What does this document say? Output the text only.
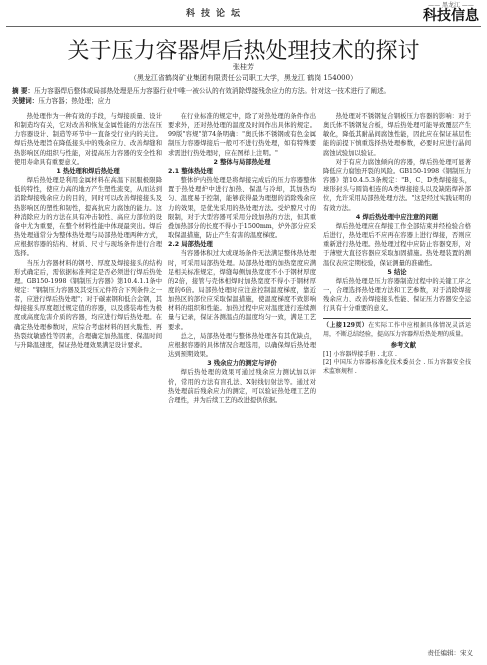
科技论坛
—— 黑龙江 ——
科技信息
关于压力容器焊后热处理技术的探讨
张桂芳
（黑龙江省鹤岗矿业集团有限责任公司职工大学，黑龙江 鹤岗 154000）
摘 要：压力容器焊后整体或局部热处理是压力容器行业中唯一被公认的有效消除焊接残余应力的方法。针对这一技术进行了阐述。
关键词：压力容器；热处理；应力

热处理作为一种有效的手段，与焊接质量、设计和制造均有关，它对改善和恢复金属性能的方法在压力容器设计、制造等环节中一直备受行业内的关注。焊后热处理旨在降低接头中的残余应力、改善焊缝和热影响区的组织与性能，对提高压力容器的安全性和使用寿命具有重要意义。

1 热处理和焊后热处理

焊后热处理是利用金属材料在高温下屈服极限降低的特性，使应力高的地方产生塑性流变，从而达到消除焊接残余应力的目的，同时可以改善焊接接头及热影响区的塑性和韧性，提高抗应力腐蚀的能力。这种消除应力的方法在具有冲击韧性、高应力部位的设备中尤为重要，在整个材料性能中体现最突出。焊后热处理通常分为整体热处理与局部热处理两种方式，应根据容器的结构、材质、尺寸与现场条件进行合理选择。

当压力容器材料的钢号、厚度及焊接接头的结构形式确定后，需依据标准判定是否必须进行焊后热处理。GB150-1998《钢制压力容器》第10.4.1.1条中规定："钢制压力容器及其受压元件符合下列条件之一者，应进行焊后热处理"；对于碳素钢和低合金钢，其焊接接头厚度超过规定值的容器，以及盛装毒性为极度或高度危害介质的容器，均应进行焊后热处理。在确定热处理参数时，应综合考虑材料的回火脆性、再热裂纹敏感性等因素，合理确定加热温度、保温时间与升降温速度，保证热处理效果满足设计要求。

在行业标准的规定中，除了对热处理的条件作出要求外，还对热处理的温度及时间作出具体的规定。99版"容规"第74条明确："奥氏体不锈钢或有色金属制压力容器焊接后一般可不进行热处理，如有特殊要求需进行热处理时，应在图样上注明。"

2 整体与局部热处理

2.1 整体热处理

整体炉内热处理是将焊接完成后的压力容器整体置于热处理炉中进行加热、保温与冷却，其加热均匀、温度易于控制，能够获得最为理想的消除残余应力的效果，是优先采用的热处理方法。受炉膛尺寸的限制，对于大型容器可采用分段加热的方法，但其重叠加热部分的长度不得小于1500mm，炉外部分应采取保温措施，防止产生有害的温度梯度。

2.2 局部热处理

当容器体积过大或现场条件无法满足整体热处理时，可采用局部热处理。局部热处理的加热宽度应满足相关标准规定，焊缝每侧加热宽度不小于钢材厚度的2倍，接管与壳体相焊时加热宽度不得小于钢材厚度的6倍。局部热处理时应注意控制温度梯度，靠近加热区的部位应采取保温措施，使温度梯度不致影响材料的组织和性能。加热过程中应对温度进行连续测量与记录，保证各测温点的温度均匀一致，满足工艺要求。

总之，局部热处理与整体热处理各有其优缺点，应根据容器的具体情况合理选用，以确保焊后热处理达到预期效果。

3 残余应力的测定与评价

焊后热处理的效果可通过残余应力测试加以评价，常用的方法有盲孔法、X射线衍射法等。通过对热处理前后残余应力的测定，可以验证热处理工艺的合理性，并为后续工艺的改进提供依据。

热处理对不锈钢复合钢板压力容器的影响：对于奥氏体不锈钢复合板，焊后热处理可能导致覆层产生敏化，降低其耐晶间腐蚀性能，因此应在保证基层性能的前提下慎重选择热处理参数，必要时应进行晶间腐蚀试验加以验证。

对于有应力腐蚀倾向的容器，焊后热处理可显著降低应力腐蚀开裂的风险。GB150-1998《钢制压力容器》第10.4.5.3条规定："B、C、D类焊接接头，球形封头与圆筒相连的A类焊接接头以及缺陷焊补部位，允许采用局部热处理方法。"这是经过实践证明的有效方法。

4 焊后热处理中应注意的问题

焊后热处理应在焊接工作全部结束并经检验合格后进行，热处理后不应再在容器上进行焊接，否则应重新进行热处理。热处理过程中应防止容器变形，对于薄壁大直径容器应采取加固措施。热处理装置的测温仪表应定期校验，保证测量的准确性。

5 结论

焊后热处理是压力容器制造过程中的关键工序之一，合理选择热处理方法和工艺参数，对于消除焊接残余应力、改善焊接接头性能、保证压力容器安全运行具有十分重要的意义。

（上接129页）在实际工作中应根据具体情况灵活运用，不断总结经验，提高压力容器焊后热处理的质量。

参考文献

[1] 小容器焊接手册 . 北京 .

[2] 中国压力容器标准化技术委员会 . 压力容器安全技术监察规程 .

责任编辑：宋义
